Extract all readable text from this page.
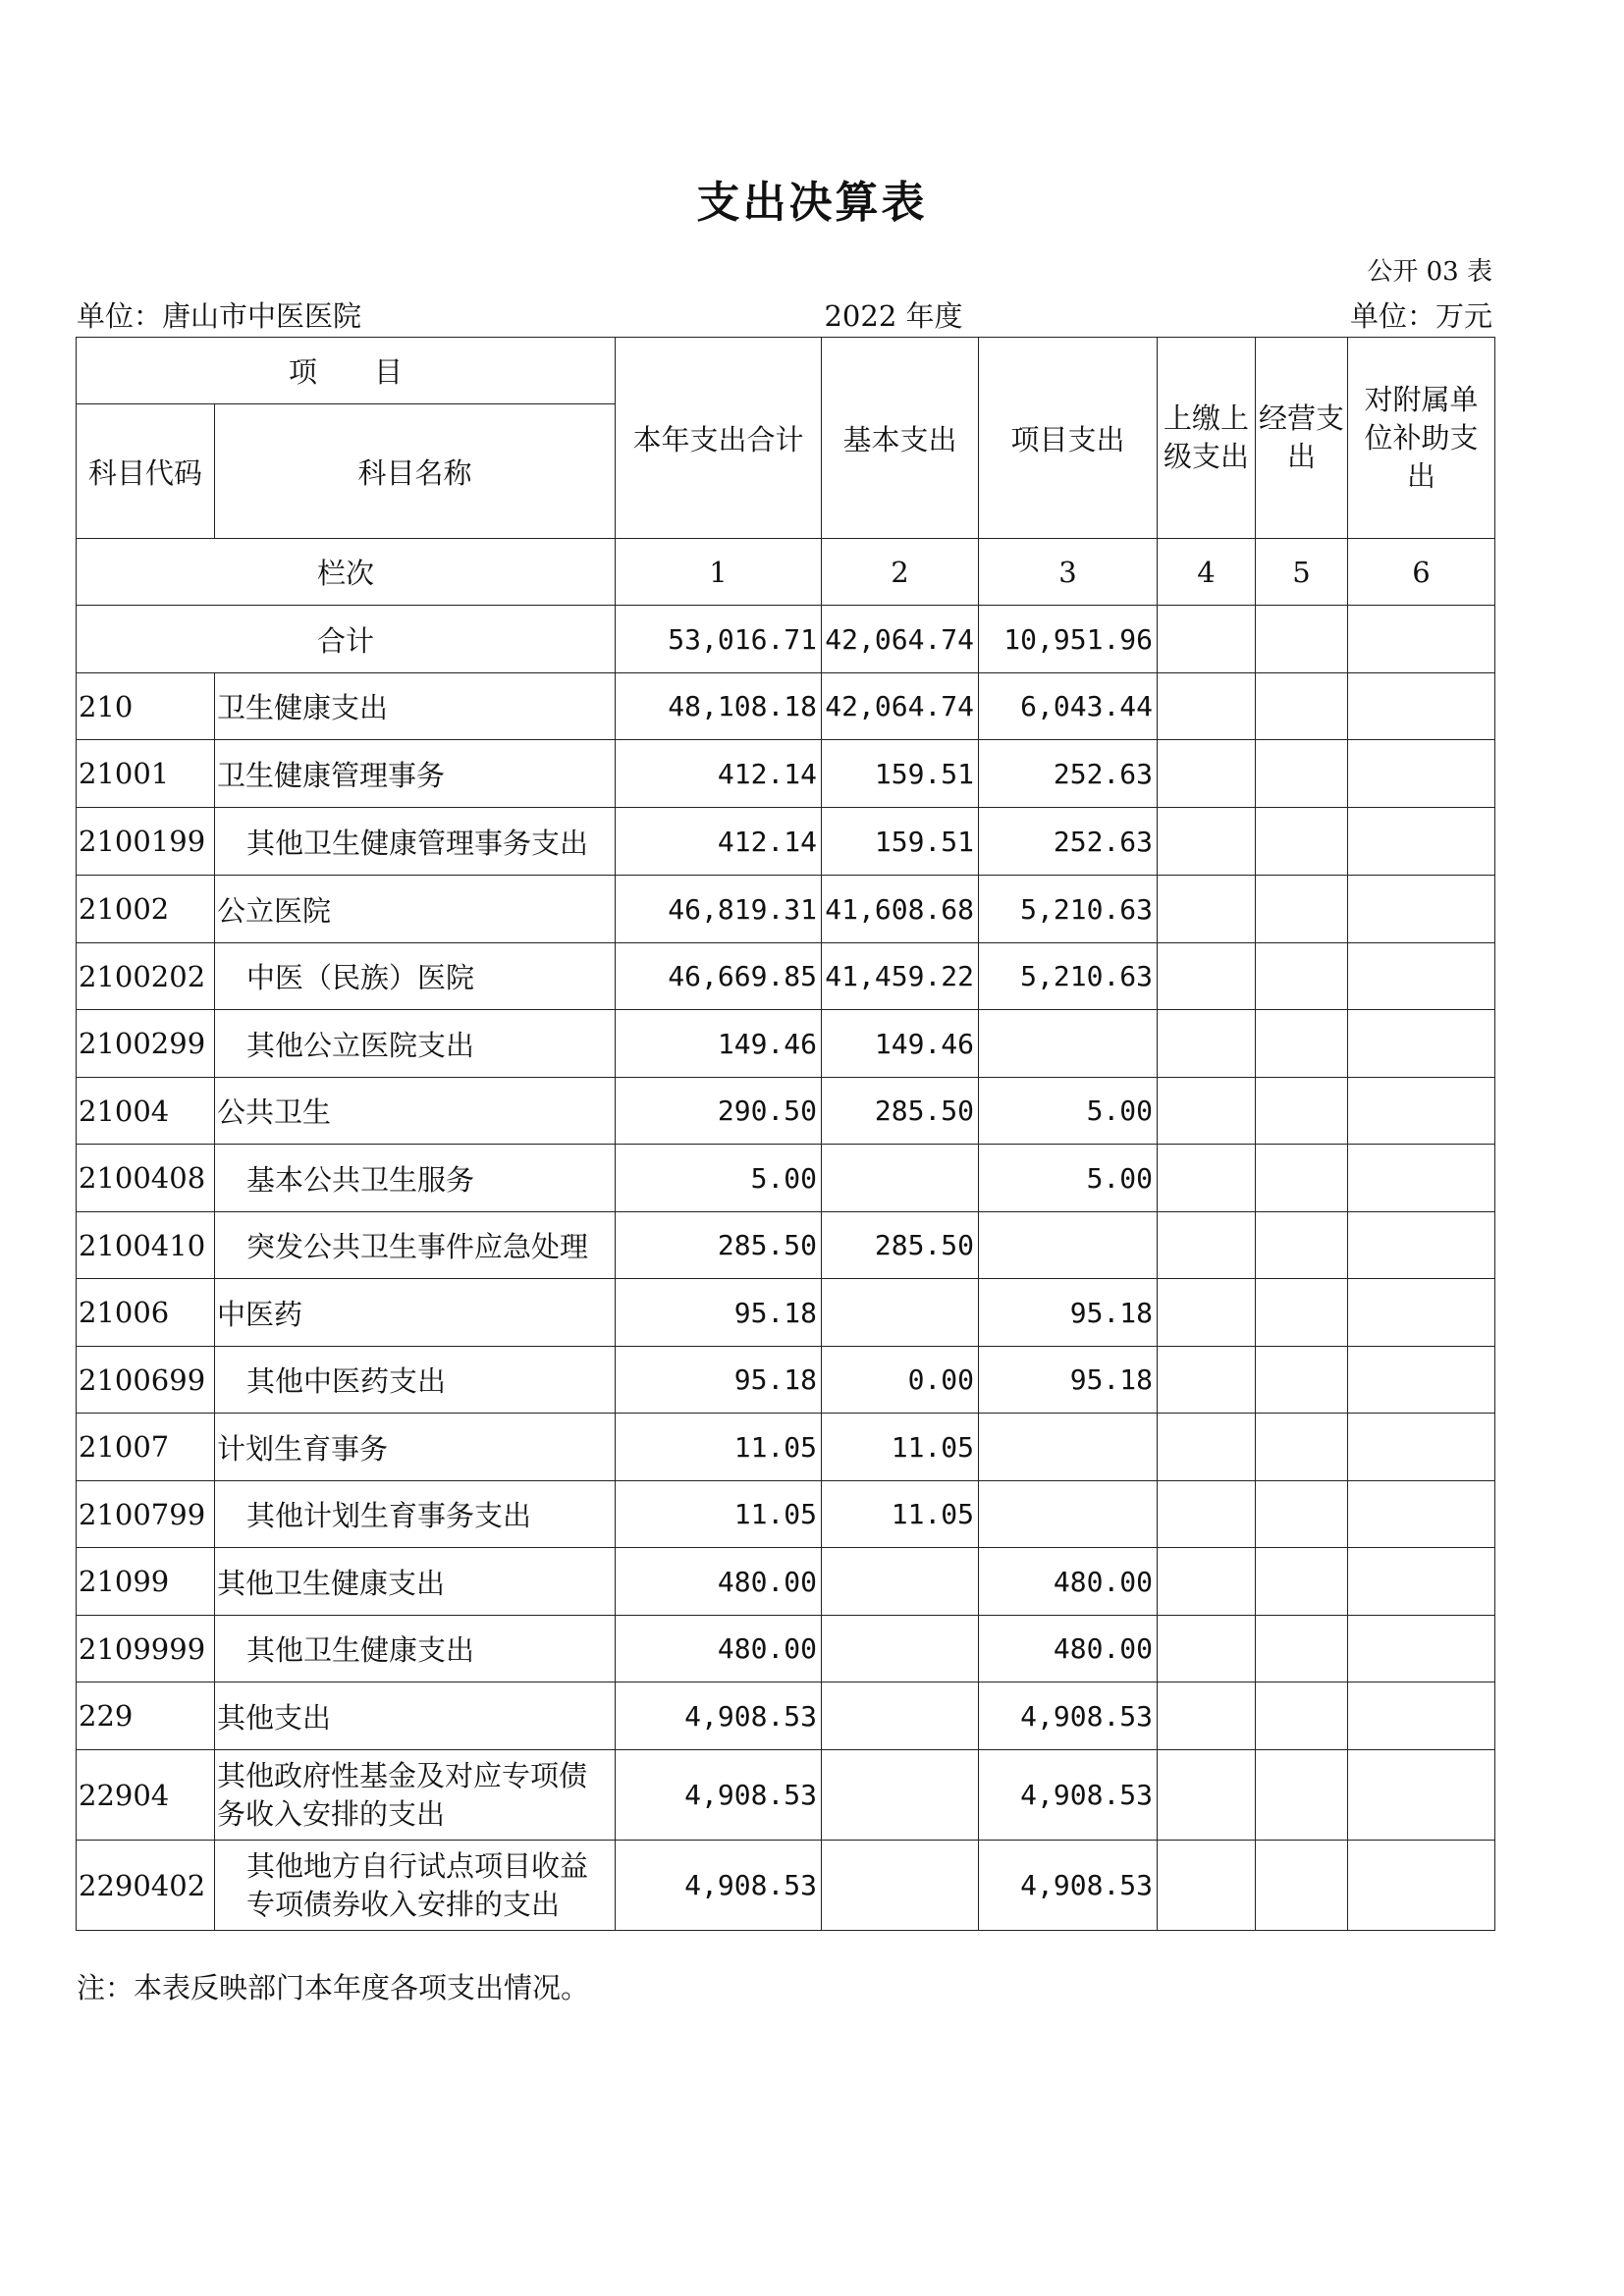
支出决算表
公开 03 表
单位：唐山市中医医院	2022 年度	单位：万元
项　　目		本年支出合计	基本支出	项目支出	上缴上级支出	经营支出	对附属单位补助支出
科目代码	科目名称						
栏次		1	2	3	4	5	6
合计		53,016.71	42,064.74	10,951.96			
210	卫生健康支出	48,108.18	42,064.74	6,043.44			
21001	卫生健康管理事务	412.14	159.51	252.63			
2100199	其他卫生健康管理事务支出	412.14	159.51	252.63			
21002	公立医院	46,819.31	41,608.68	5,210.63			
2100202	中医（民族）医院	46,669.85	41,459.22	5,210.63			
2100299	其他公立医院支出	149.46	149.46				
21004	公共卫生	290.50	285.50	5.00			
2100408	基本公共卫生服务	5.00		5.00			
2100410	突发公共卫生事件应急处理	285.50	285.50				
21006	中医药	95.18		95.18			
2100699	其他中医药支出	95.18	0.00	95.18			
21007	计划生育事务	11.05	11.05				
2100799	其他计划生育事务支出	11.05	11.05				
21099	其他卫生健康支出	480.00		480.00			
2109999	其他卫生健康支出	480.00		480.00			
229	其他支出	4,908.53		4,908.53			
22904	其他政府性基金及对应专项债务收入安排的支出	4,908.53		4,908.53			
2290402	其他地方自行试点项目收益专项债券收入安排的支出	4,908.53		4,908.53			
注：本表反映部门本年度各项支出情况。
